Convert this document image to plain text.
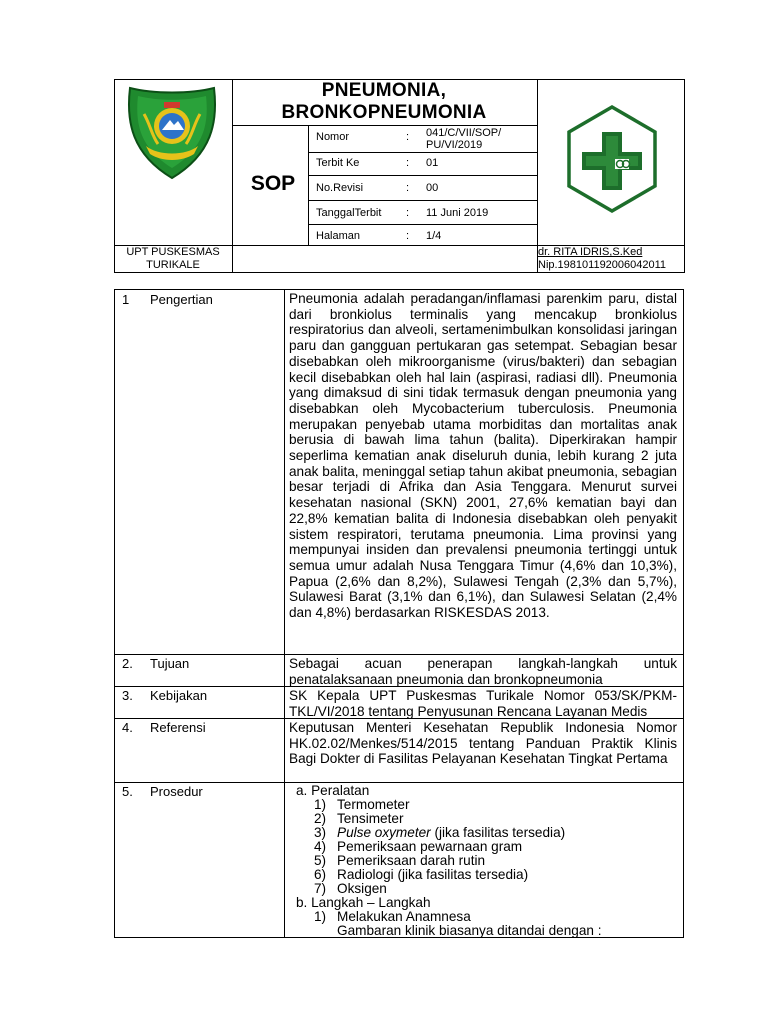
PNEUMONIA,
BRONKOPNEUMONIA
SOP
Nomor	: 041/C/VII/SOP/ PU/VI/2019
Terbit Ke	: 01
No.Revisi	: 00
TanggalTerbit : 11 Juni 2019
Halaman	: 1/4
UPT PUSKESMAS
TURIKALE
dr. RITA IDRIS,S.Ked
Nip.198101192006042011
1 Pengertian	Pneumonia adalah peradangan/inflamasi parenkim paru, distal dari bronkiolus terminalis yang mencakup bronkiolus respiratorius dan alveoli, sertamenimbulkan konsolidasi jaringan paru dan gangguan pertukaran gas setempat. Sebagian besar disebabkan oleh mikroorganisme (virus/bakteri) dan sebagian kecil disebabkan oleh hal lain (aspirasi, radiasi dll). Pneumonia yang dimaksud di sini tidak termasuk dengan pneumonia yang disebabkan oleh Mycobacterium tuberculosis. Pneumonia merupakan penyebab utama morbiditas dan mortalitas anak berusia di bawah lima tahun (balita). Diperkirakan hampir seperlima kematian anak diseluruh dunia, lebih kurang 2 juta anak balita, meninggal setiap tahun akibat pneumonia, sebagian besar terjadi di Afrika dan Asia Tenggara. Menurut survei kesehatan nasional (SKN) 2001, 27,6% kematian bayi dan 22,8% kematian balita di Indonesia disebabkan oleh penyakit sistem respiratori, terutama pneumonia. Lima provinsi yang mempunyai insiden dan prevalensi pneumonia tertinggi untuk semua umur adalah Nusa Tenggara Timur (4,6% dan 10,3%), Papua (2,6% dan 8,2%), Sulawesi Tengah (2,3% dan 5,7%), Sulawesi Barat (3,1% dan 6,1%), dan Sulawesi Selatan (2,4% dan 4,8%) berdasarkan RISKESDAS 2013.
2. Tujuan	Sebagai acuan penerapan langkah-langkah untuk penatalaksanaan pneumonia dan bronkopneumonia
3. Kebijakan	SK Kepala UPT Puskesmas Turikale Nomor 053/SK/PKM-TKL/VI/2018 tentang Penyusunan Rencana Layanan Medis
4. Referensi	Keputusan Menteri Kesehatan Republik Indonesia Nomor HK.02.02/Menkes/514/2015 tentang Panduan Praktik Klinis Bagi Dokter di Fasilitas Pelayanan Kesehatan Tingkat Pertama
5. Prosedur	a. Peralatan
1) Termometer
2) Tensimeter
3) Pulse oxymeter (jika fasilitas tersedia)
4) Pemeriksaan pewarnaan gram
5) Pemeriksaan darah rutin
6) Radiologi (jika fasilitas tersedia)
7) Oksigen
b. Langkah – Langkah
1) Melakukan Anamnesa
Gambaran klinik biasanya ditandai dengan :
